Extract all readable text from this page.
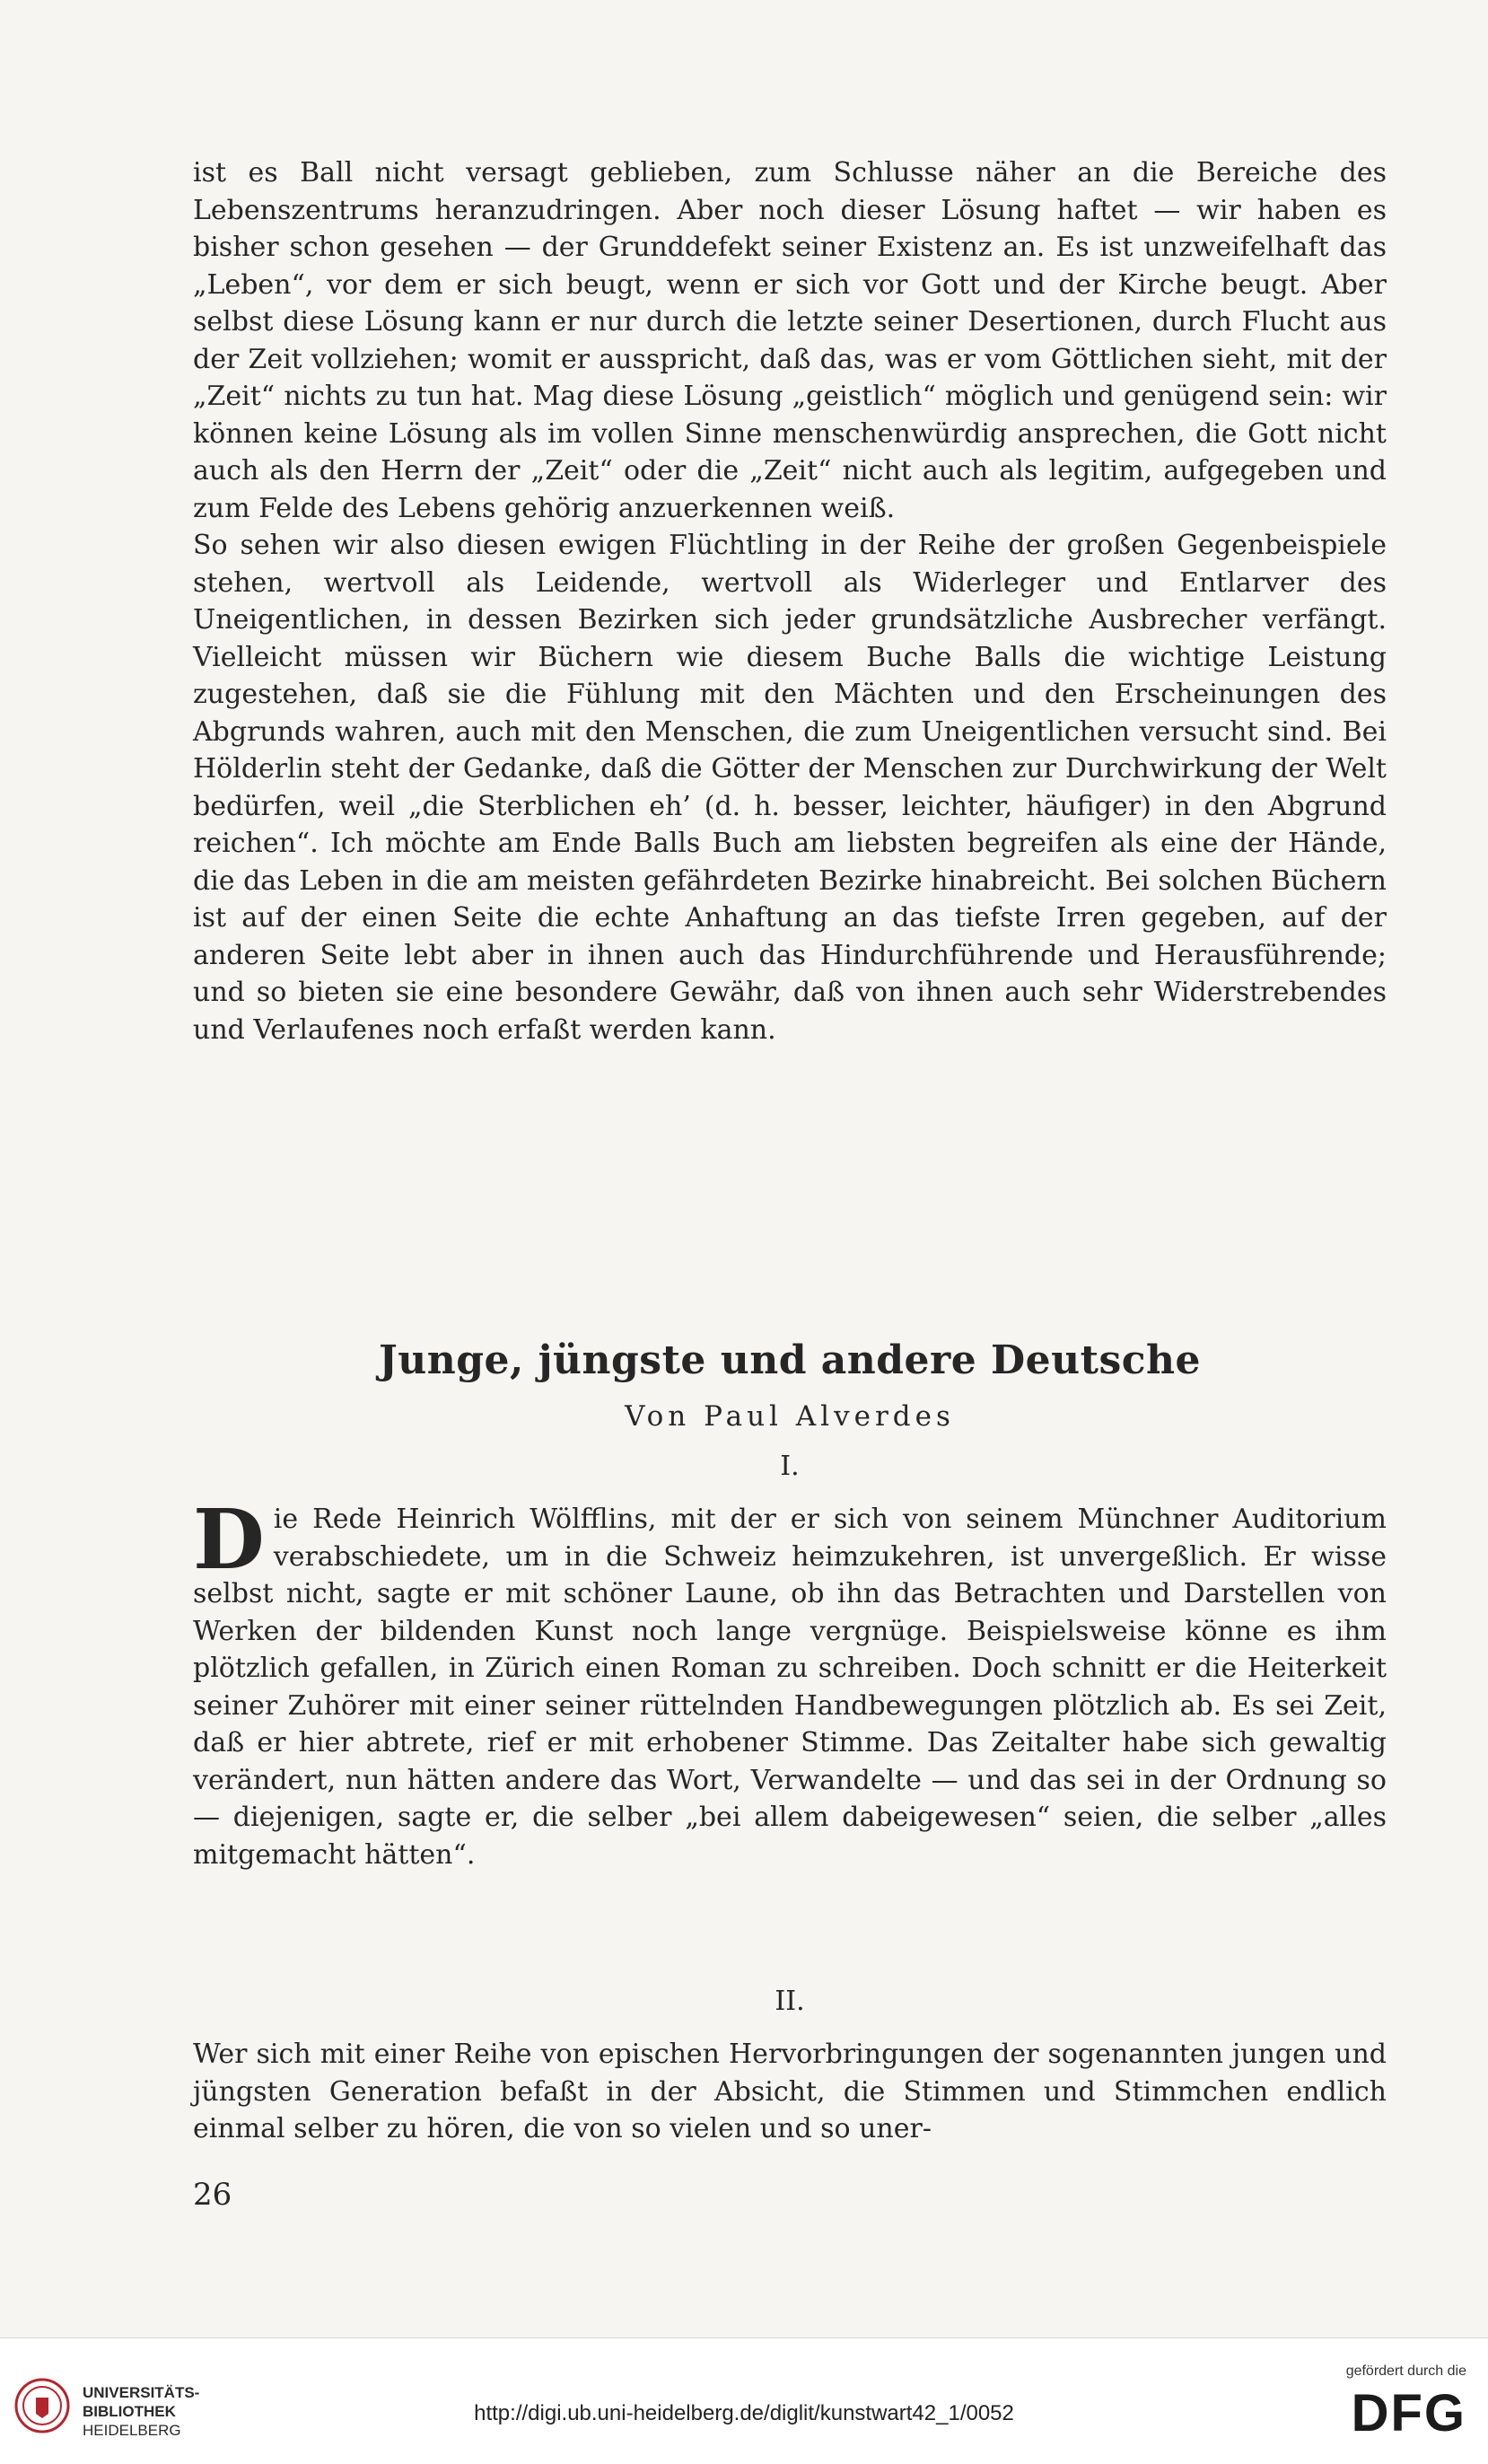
ist es Ball nicht versagt geblieben, zum Schlusse näher an die Bereiche des Lebenszentrums heranzudringen. Aber noch dieser Lösung haftet — wir haben es bisher schon gesehen — der Grunddefekt seiner Existenz an. Es ist unzweifelhaft das „Leben“, vor dem er sich beugt, wenn er sich vor Gott und der Kirche beugt. Aber selbst diese Lösung kann er nur durch die letzte seiner Desertionen, durch Flucht aus der Zeit vollziehen; womit er ausspricht, daß das, was er vom Göttlichen sieht, mit der „Zeit“ nichts zu tun hat. Mag diese Lösung „geistlich“ möglich und genügend sein: wir können keine Lösung als im vollen Sinne menschenwürdig ansprechen, die Gott nicht auch als den Herrn der „Zeit“ oder die „Zeit“ nicht auch als legitim, aufgegeben und zum Felde des Lebens gehörig anzuerkennen weiß.

So sehen wir also diesen ewigen Flüchtling in der Reihe der großen Gegenbeispiele stehen, wertvoll als Leidende, wertvoll als Widerleger und Entlarver des Uneigentlichen, in dessen Bezirken sich jeder grundsätzliche Ausbrecher verfängt. Vielleicht müssen wir Büchern wie diesem Buche Balls die wichtige Leistung zugestehen, daß sie die Fühlung mit den Mächten und den Erscheinungen des Abgrunds wahren, auch mit den Menschen, die zum Uneigentlichen versucht sind. Bei Hölderlin steht der Gedanke, daß die Götter der Menschen zur Durchwirkung der Welt bedürfen, weil „die Sterblichen eh’ (d. h. besser, leichter, häufiger) in den Abgrund reichen“. Ich möchte am Ende Balls Buch am liebsten begreifen als eine der Hände, die das Leben in die am meisten gefährdeten Bezirke hinabreicht. Bei solchen Büchern ist auf der einen Seite die echte Anhaftung an das tiefste Irren gegeben, auf der anderen Seite lebt aber in ihnen auch das Hindurchführende und Herausführende; und so bieten sie eine besondere Gewähr, daß von ihnen auch sehr Widerstrebendes und Verlaufenes noch erfaßt werden kann.

Junge, jüngste und andere Deutsche
Von Paul Alverdes
I.
D ie Rede Heinrich Wölfflins, mit der er sich von seinem Münchner Auditorium verabschiedete, um in die Schweiz heimzukehren, ist unvergeßlich. Er wisse selbst nicht, sagte er mit schöner Laune, ob ihn das Betrachten und Darstellen von Werken der bildenden Kunst noch lange vergnüge. Beispielsweise könne es ihm plötzlich gefallen, in Zürich einen Roman zu schreiben. Doch schnitt er die Heiterkeit seiner Zuhörer mit einer seiner rüttelnden Handbewegungen plötzlich ab. Es sei Zeit, daß er hier abtrete, rief er mit erhobener Stimme. Das Zeitalter habe sich gewaltig verändert, nun hätten andere das Wort, Verwandelte — und das sei in der Ordnung so — diejenigen, sagte er, die selber „bei allem dabeigewesen“ seien, die selber „alles mitgemacht hätten“.

II.

Wer sich mit einer Reihe von epischen Hervorbringungen der sogenannten jungen und jüngsten Generation befaßt in der Absicht, die Stimmen und Stimmchen endlich einmal selber zu hören, die von so vielen und so uner-

26
UNIVERSITÄTS-
BIBLIOTHEK
HEIDELBERG
http://digi.ub.uni-heidelberg.de/diglit/kunstwart42_1/0052
gefördert durch die
DFG
